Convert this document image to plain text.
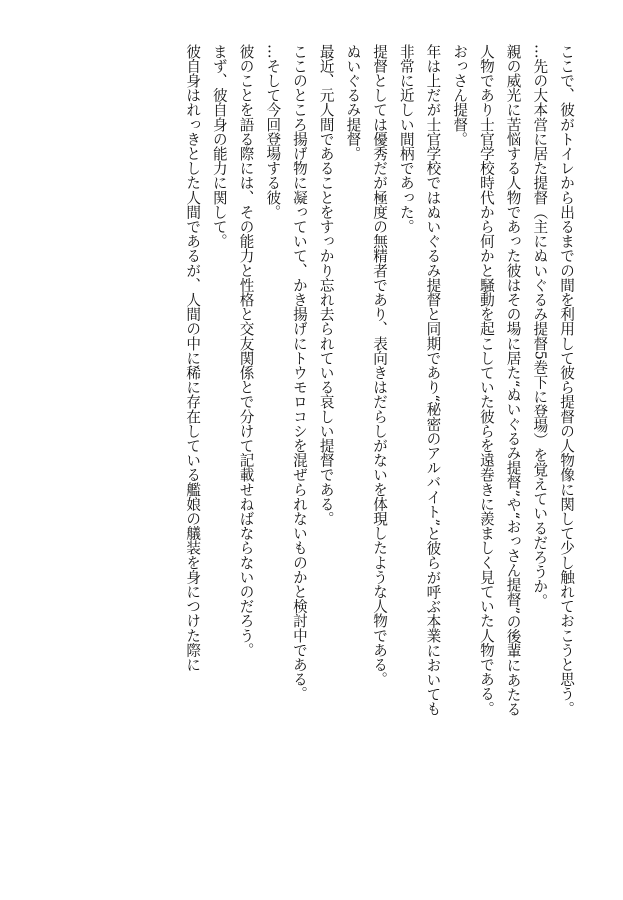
ここで、彼がトイレから出るまでの間を利用して彼ら提督の人物像に関して少し触れておこうと思う。

…先の大本営に居た提督（主にぬいぐるみ提督5巻下に登場）を覚えているだろうか。

親の威光に苦悩する人物であった彼はその場に居た“ぬいぐるみ提督”や“おっさん提督”の後輩にあたる

人物であり士官学校時代から何かと騒動を起こしていた彼らを遠巻きに羨ましく見ていた人物である。

おっさん提督。

年は上だが士官学校ではぬいぐるみ提督と同期であり“秘密のアルバイト”と彼らが呼ぶ本業においても

非常に近しい間柄であった。

提督としては優秀だが極度の無精者であり、表向きはだらしがないを体現したような人物である。

ぬいぐるみ提督。

最近、元人間であることをすっかり忘れ去られている哀しい提督である。

ここのところ揚げ物に凝っていて、かき揚げにトウモロコシを混ぜられないものかと検討中である。

…そして今回登場する彼。

彼のことを語る際には、その能力と性格と交友関係とで分けて記載せねばならないのだろう。

まず、彼自身の能力に関して。

彼自身はれっきとした人間であるが、人間の中に稀に存在している艦娘の艤装を身につけた際に
